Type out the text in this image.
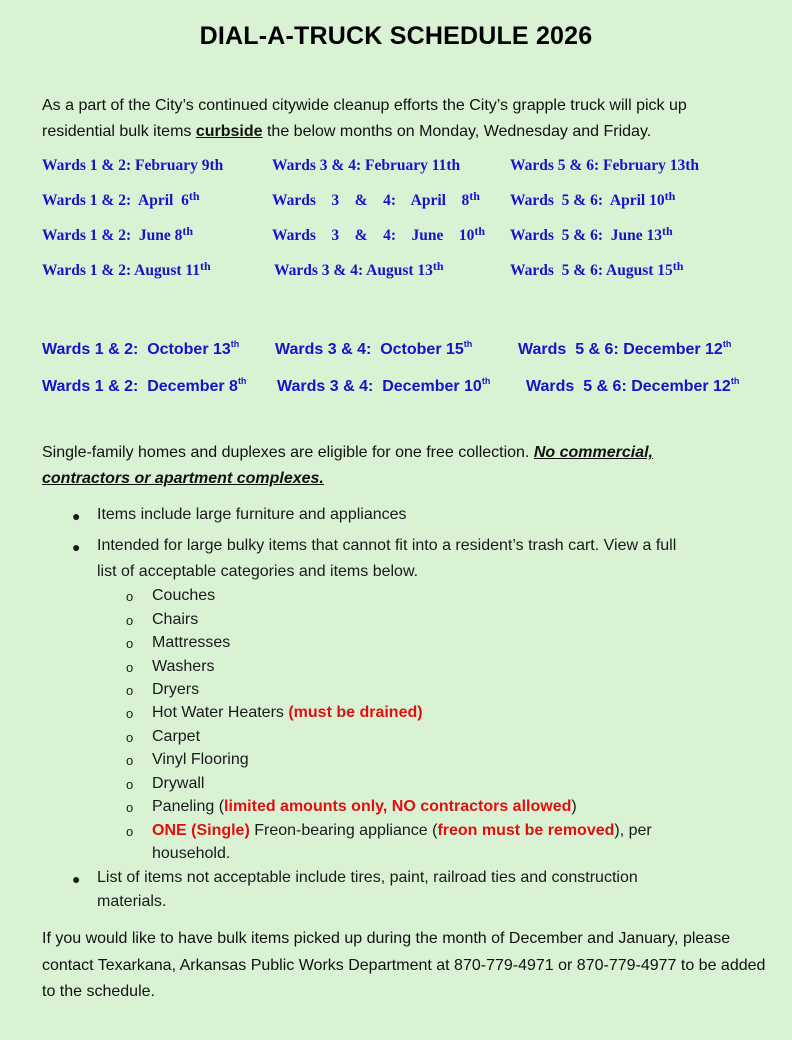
DIAL-A-TRUCK SCHEDULE 2026
As a part of the City’s continued citywide cleanup efforts the City’s grapple truck will pick up residential bulk items curbside the below months on Monday, Wednesday and Friday.
Wards 1 & 2: February 9th	Wards 3 & 4: February 11th	Wards 5 & 6: February 13th
Wards 1 & 2:  April  6th	Wards    3    &    4:    April    8th Wards  5 & 6:  April 10th
Wards 1 & 2:  June 8th	Wards    3    &    4:    June    10th Wards  5 & 6:  June 13th
Wards 1 & 2: August 11th	Wards 3 & 4: August 13th	Wards  5 & 6: August 15th
Wards 1 & 2:  October 13th Wards 3 & 4:  October 15th	Wards  5 & 6: December 12th
Wards 1 & 2:  December 8th Wards 3 & 4:  December 10th Wards  5 & 6: December 12th
Single-family homes and duplexes are eligible for one free collection. No commercial,
contractors or apartment complexes.
● Items include large furniture and appliances
● Intended for large bulky items that cannot fit into a resident’s trash cart. View a full
list of acceptable categories and items below.
o Couches
o Chairs
o Mattresses
o Washers
o Dryers
o Hot Water Heaters (must be drained)
o Carpet
o Vinyl Flooring
o Drywall
o Paneling (limited amounts only, NO contractors allowed)
o ONE (Single) Freon-bearing appliance (freon must be removed), per
household.
● List of items not acceptable include tires, paint, railroad ties and construction
materials.
If you would like to have bulk items picked up during the month of December and January, please contact Texarkana, Arkansas Public Works Department at 870-779-4971 or 870-779-4977 to be added to the schedule.
